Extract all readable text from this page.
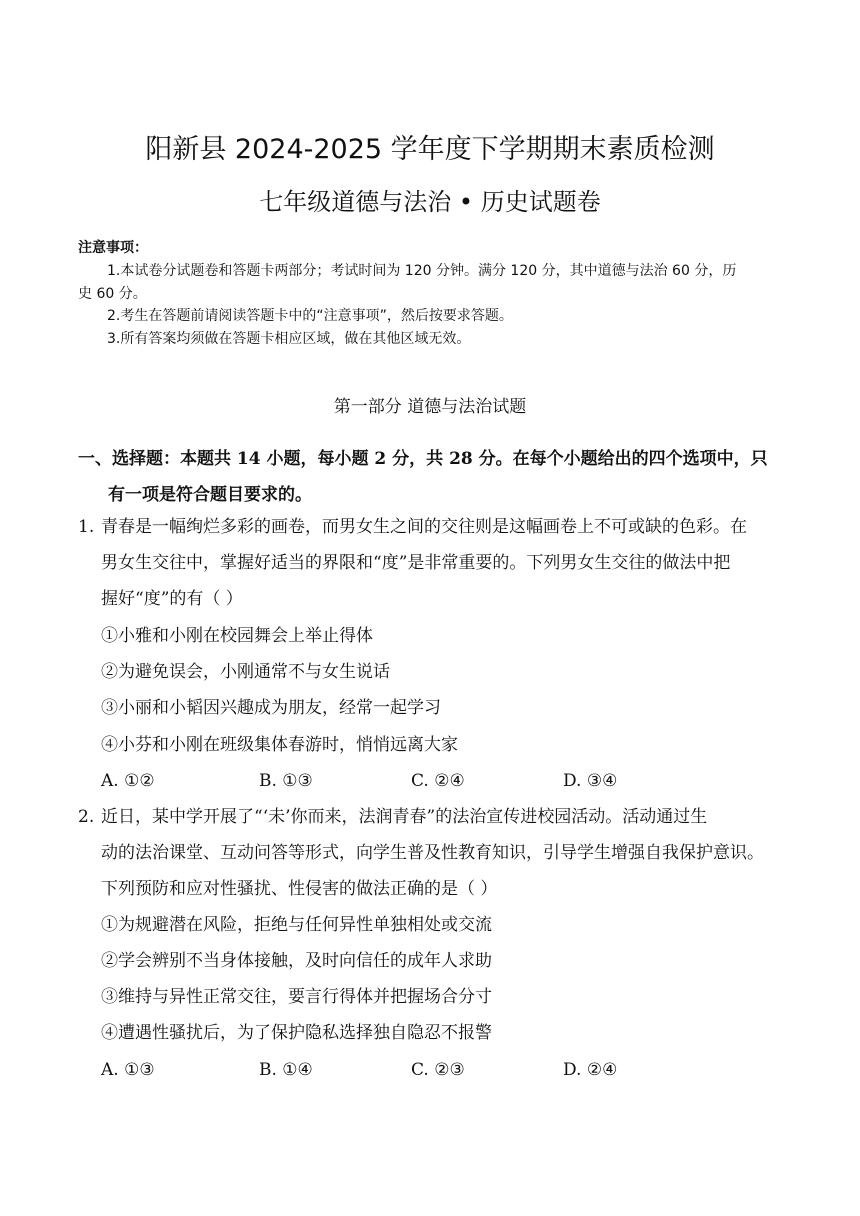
阳新县 2024-2025 学年度下学期期末素质检测
七年级道德与法治 • 历史试题卷
注意事项：
1.本试卷分试题卷和答题卡两部分；考试时间为 120 分钟。满分 120 分，其中道德与法治 60 分，历
史 60 分。
2.考生在答题前请阅读答题卡中的“注意事项”，然后按要求答题。
3.所有答案均须做在答题卡相应区域，做在其他区域无效。
第一部分 道德与法治试题
一、选择题：本题共 14 小题，每小题 2 分，共 28 分。在每个小题给出的四个选项中，只
有一项是符合题目要求的。
1. 青春是一幅绚烂多彩的画卷，而男女生之间的交往则是这幅画卷上不可或缺的色彩。在
男女生交往中，掌握好适当的界限和“度”是非常重要的。下列男女生交往的做法中把
握好“度”的有（ ）
①小雅和小刚在校园舞会上举止得体
②为避免误会，小刚通常不与女生说话
③小丽和小韬因兴趣成为朋友，经常一起学习
④小芬和小刚在班级集体春游时，悄悄远离大家
A. ①②	B. ①③	C. ②④	D. ③④
2. 近日，某中学开展了“‘未’你而来，法润青春”的法治宣传进校园活动。活动通过生
动的法治课堂、互动问答等形式，向学生普及性教育知识，引导学生增强自我保护意识。
下列预防和应对性骚扰、性侵害的做法正确的是（ ）
①为规避潜在风险，拒绝与任何异性单独相处或交流
②学会辨别不当身体接触，及时向信任的成年人求助
③维持与异性正常交往，要言行得体并把握场合分寸
④遭遇性骚扰后，为了保护隐私选择独自隐忍不报警
A. ①③	B. ①④	C. ②③	D. ②④
